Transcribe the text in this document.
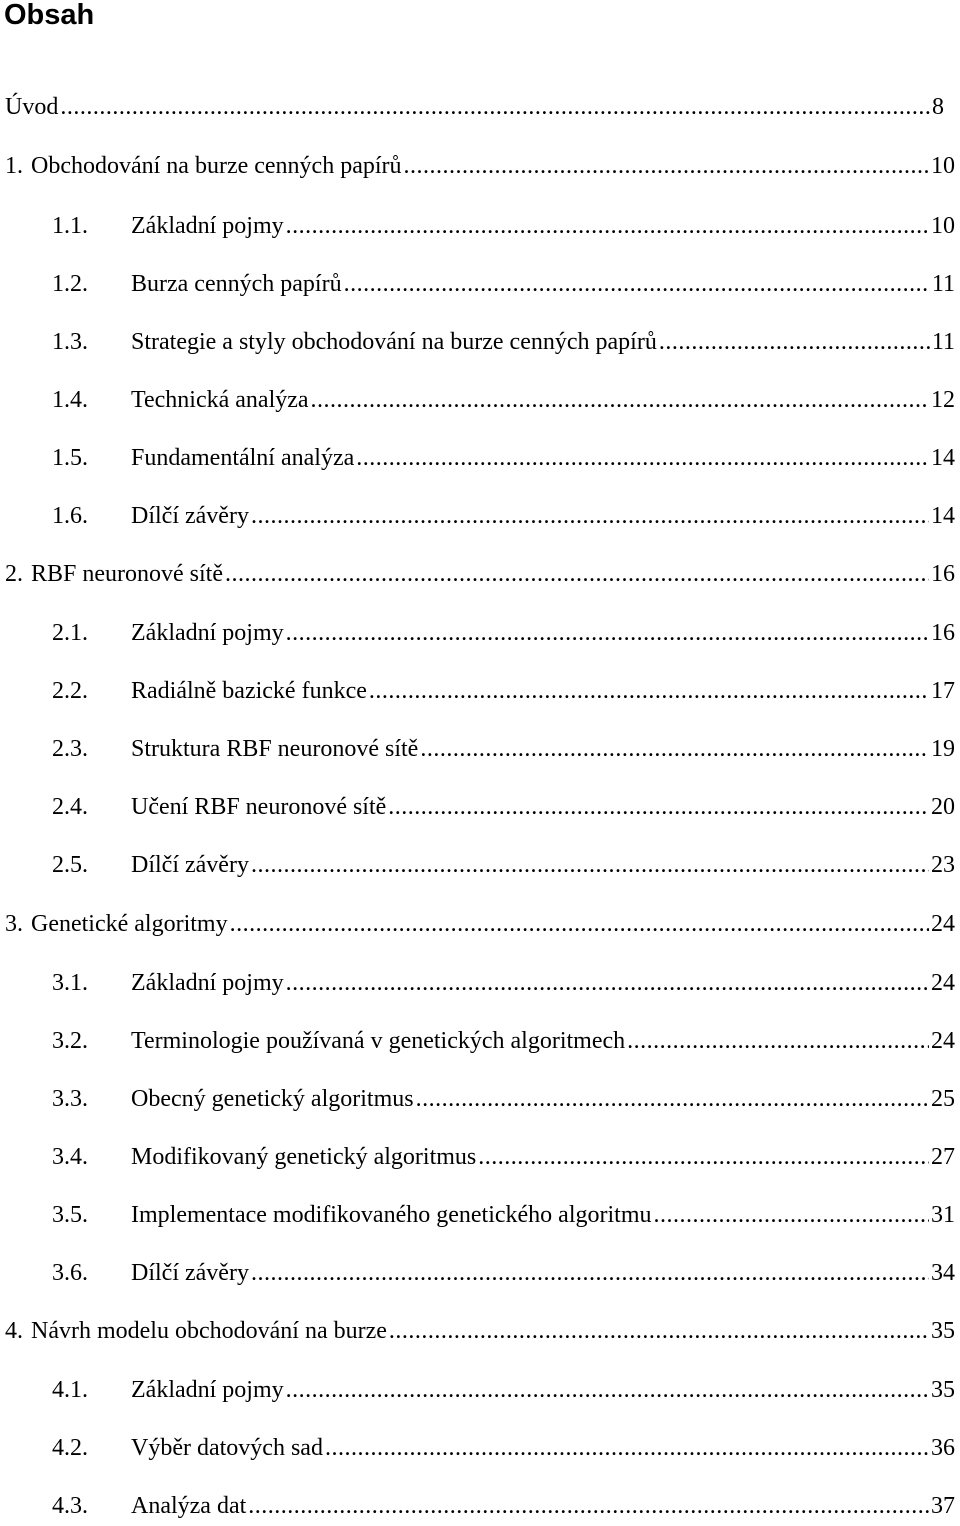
Obsah
Úvod .....	8
1. Obchodování na burze cenných papírů .....	10
1.1.	Základní pojmy .....	10
1.2.	Burza cenných papírů .....	11
1.3.	Strategie a styly obchodování na burze cenných papírů .....	11
1.4.	Technická analýza .....	12
1.5.	Fundamentální analýza .....	14
1.6.	Dílčí závěry .....	14
2. RBF neuronové sítě .....	16
2.1.	Základní pojmy .....	16
2.2.	Radiálně bazické funkce .....	17
2.3.	Struktura RBF neuronové sítě .....	19
2.4.	Učení RBF neuronové sítě .....	20
2.5.	Dílčí závěry .....	23
3. Genetické algoritmy .....	24
3.1.	Základní pojmy .....	24
3.2.	Terminologie používaná v genetických algoritmech .....	24
3.3.	Obecný genetický algoritmus .....	25
3.4.	Modifikovaný genetický algoritmus .....	27
3.5.	Implementace modifikovaného genetického algoritmu .....	31
3.6.	Dílčí závěry .....	34
4. Návrh modelu obchodování na burze .....	35
4.1.	Základní pojmy .....	35
4.2.	Výběr datových sad .....	36
4.3.	Analýza dat .....	37
